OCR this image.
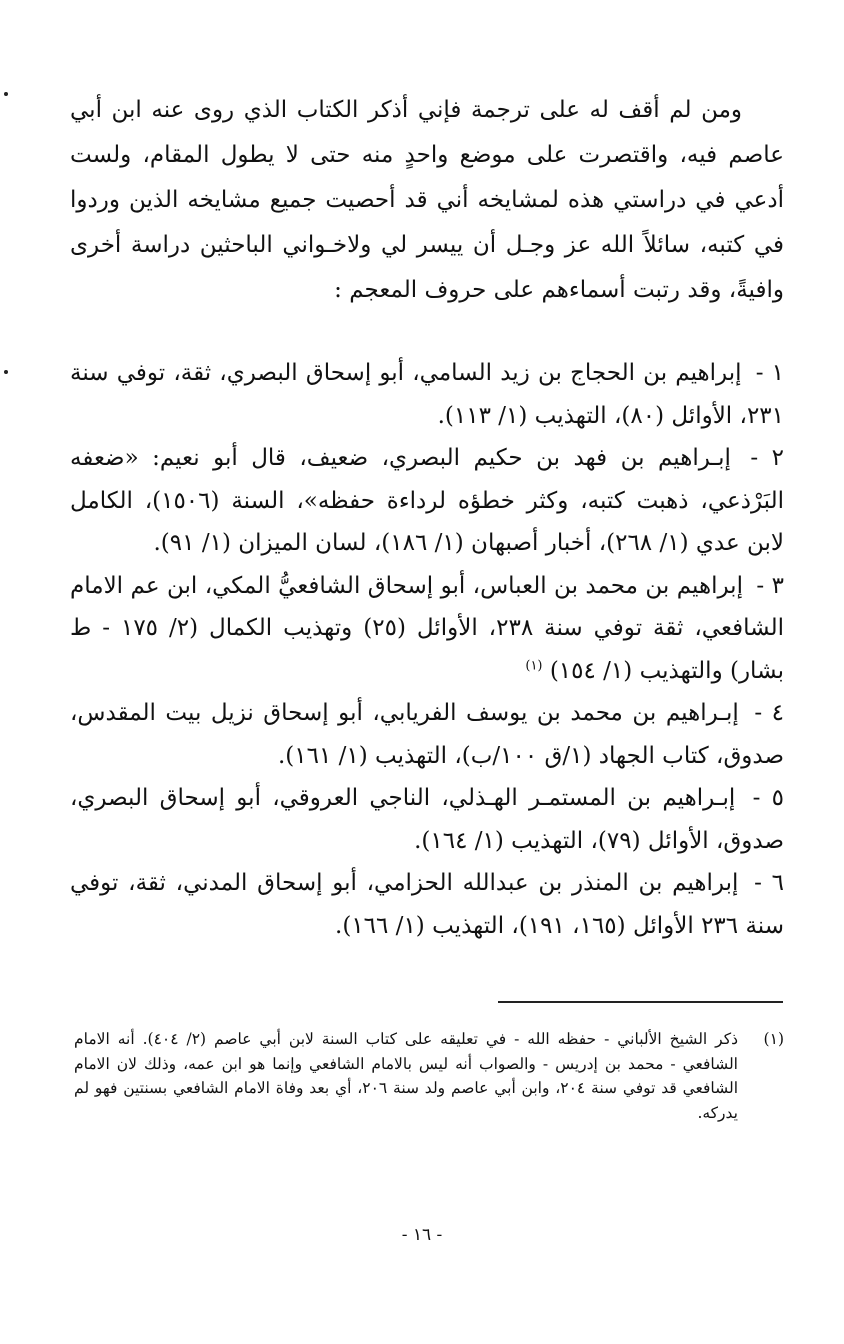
ومن لم أقف له على ترجمة فإني أذكر الكتاب الذي روى عنه ابن أبي عاصم فيه، واقتصرت على موضع واحدٍ منه حتى لا يطول المقام، ولست أدعي في دراستي هذه لمشايخه أني قد أحصيت جميع مشايخه الذين وردوا في كتبه، سائلاً الله عز وجـل أن ييسر لي ولاخـواني الباحثين دراسة أخرى وافيةً، وقد رتبت أسماءهم على حروف المعجم :

١ - إبراهيم بن الحجاج بن زيد السامي، أبو إسحاق البصري، ثقة، توفي سنة ٢٣١، الأوائل (٨٠)، التهذيب (١/ ١١٣).

٢ - إبـراهيم بن فهد بن حكيم البصري، ضعيف، قال أبو نعيم: «ضعفه البَرْذعي، ذهبت كتبه، وكثر خطؤه لرداءة حفظه»، السنة (١٥٠٦)، الكامل لابن عدي (١/ ٢٦٨)، أخبار أصبهان (١/ ١٨٦)، لسان الميزان (١/ ٩١).

٣ - إبراهيم بن محمد بن العباس، أبو إسحاق الشافعيُّ المكي، ابن عم الامام الشافعي، ثقة توفي سنة ٢٣٨، الأوائل (٢٥) وتهذيب الكمال (٢/ ١٧٥ - ط بشار) والتهذيب (١/ ١٥٤) $^{(١)}$

٤ - إبـراهيم بن محمد بن يوسف الفريابي، أبو إسحاق نزيل بيت المقدس، صدوق، كتاب الجهاد (١/ق ١٠٠/ب)، التهذيب (١/ ١٦١).

٥ - إبـراهيم بن المستمـر الهـذلي، الناجي العروقي، أبو إسحاق البصري، صدوق، الأوائل (٧٩)، التهذيب (١/ ١٦٤).

٦ - إبراهيم بن المنذر بن عبدالله الحزامي، أبو إسحاق المدني، ثقة، توفي سنة ٢٣٦ الأوائل (١٦٥، ١٩١)، التهذيب (١/ ١٦٦).

(١)
ذكر الشيخ الألباني - حفظه الله - في تعليقه على كتاب السنة لابن أبي عاصم (٢/ ٤٠٤). أنه الامام الشافعي - محمد بن إدريس - والصواب أنه ليس بالامام الشافعي وإنما هو ابن عمه، وذلك لان الامام الشافعي قد توفي سنة ٢٠٤، وابن أبي عاصم ولد سنة ٢٠٦، أي بعد وفاة الامام الشافعي بسنتين فهو لم يدركه.
- ١٦ -
